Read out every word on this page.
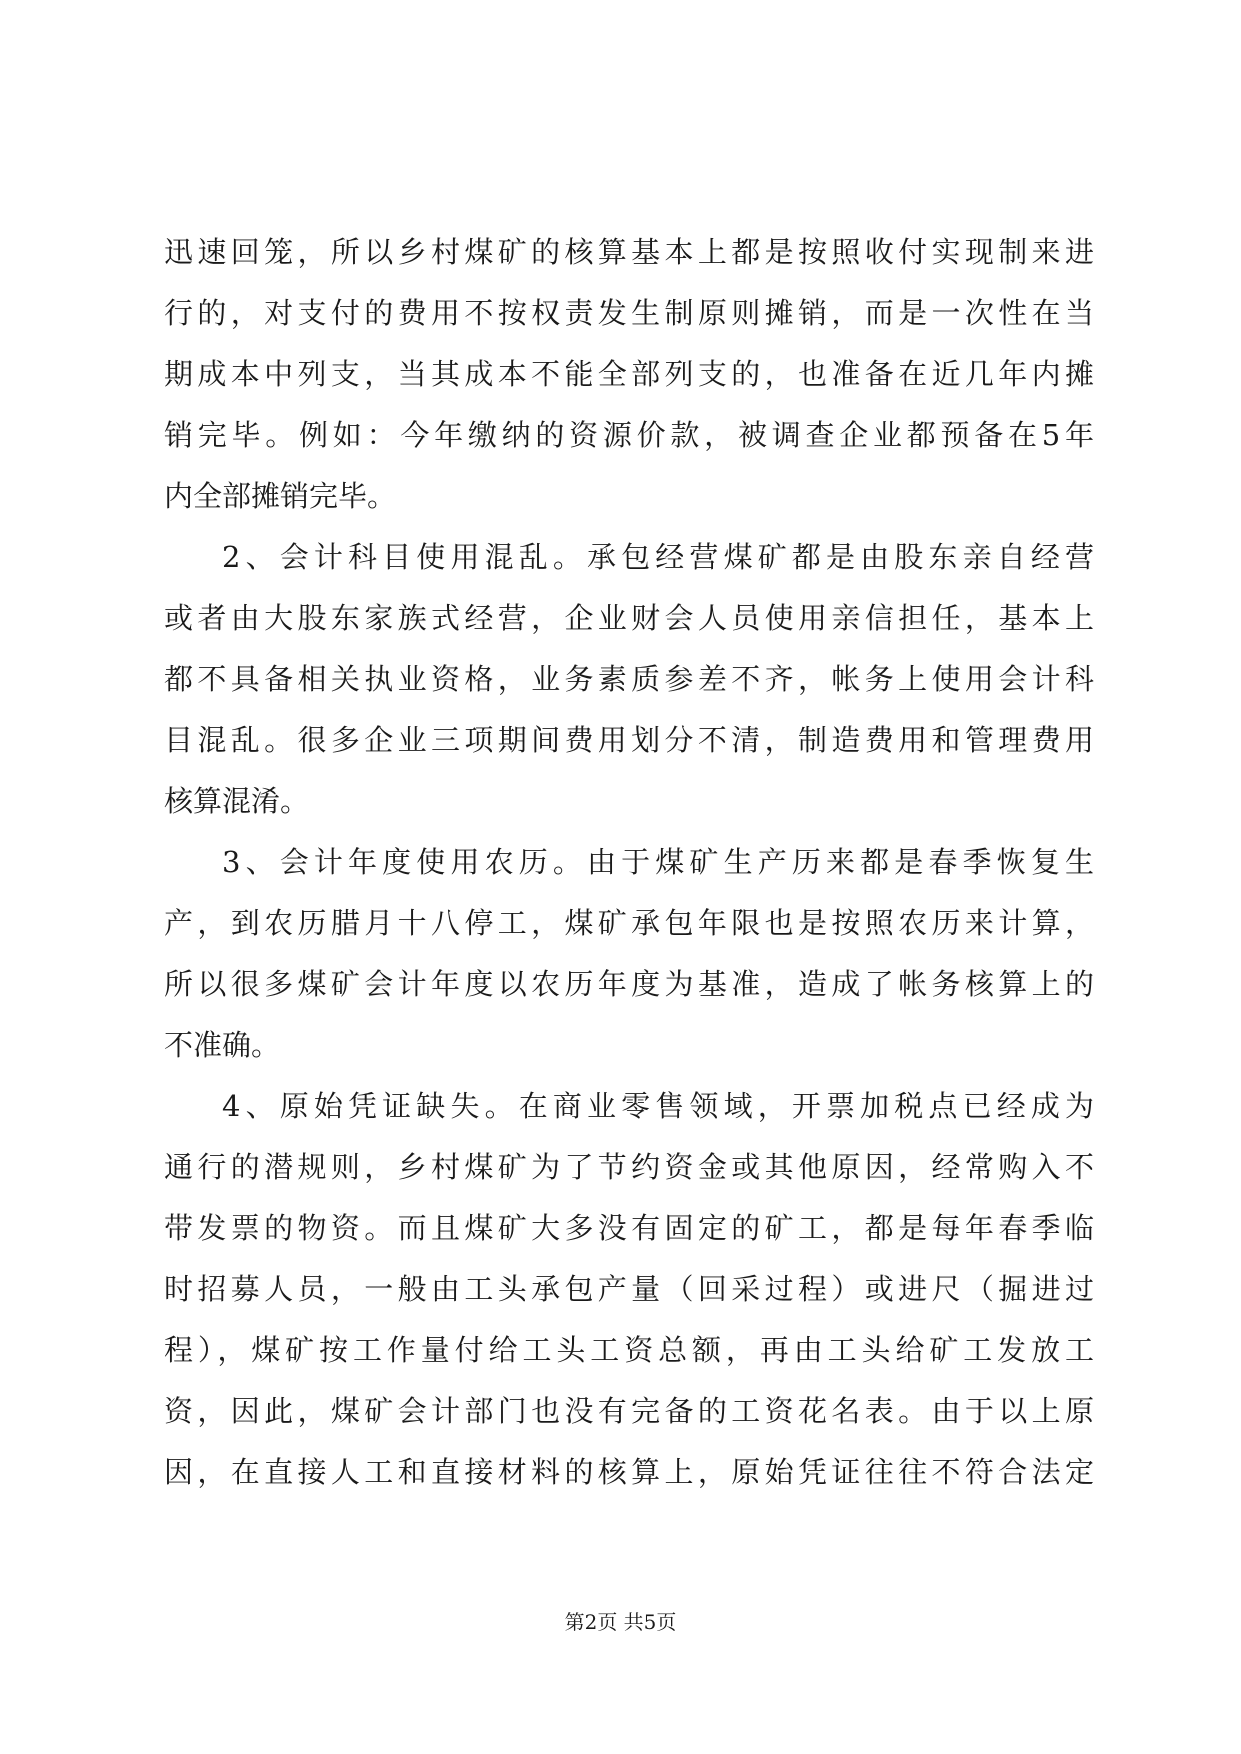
迅速回笼，所以乡村煤矿的核算基本上都是按照收付实现制来进
行的，对支付的费用不按权责发生制原则摊销，而是一次性在当
期成本中列支，当其成本不能全部列支的，也准备在近几年内摊
销完毕。例如：今年缴纳的资源价款，被调查企业都预备在5年
内全部摊销完毕。
2、会计科目使用混乱。承包经营煤矿都是由股东亲自经营
或者由大股东家族式经营，企业财会人员使用亲信担任，基本上
都不具备相关执业资格，业务素质参差不齐，帐务上使用会计科
目混乱。很多企业三项期间费用划分不清，制造费用和管理费用
核算混淆。
3、会计年度使用农历。由于煤矿生产历来都是春季恢复生
产，到农历腊月十八停工，煤矿承包年限也是按照农历来计算，
所以很多煤矿会计年度以农历年度为基准，造成了帐务核算上的
不准确。
4、原始凭证缺失。在商业零售领域，开票加税点已经成为
通行的潜规则，乡村煤矿为了节约资金或其他原因，经常购入不
带发票的物资。而且煤矿大多没有固定的矿工，都是每年春季临
时招募人员，一般由工头承包产量（回采过程）或进尺（掘进过
程），煤矿按工作量付给工头工资总额，再由工头给矿工发放工
资，因此，煤矿会计部门也没有完备的工资花名表。由于以上原
因，在直接人工和直接材料的核算上，原始凭证往往不符合法定
第2页 共5页
